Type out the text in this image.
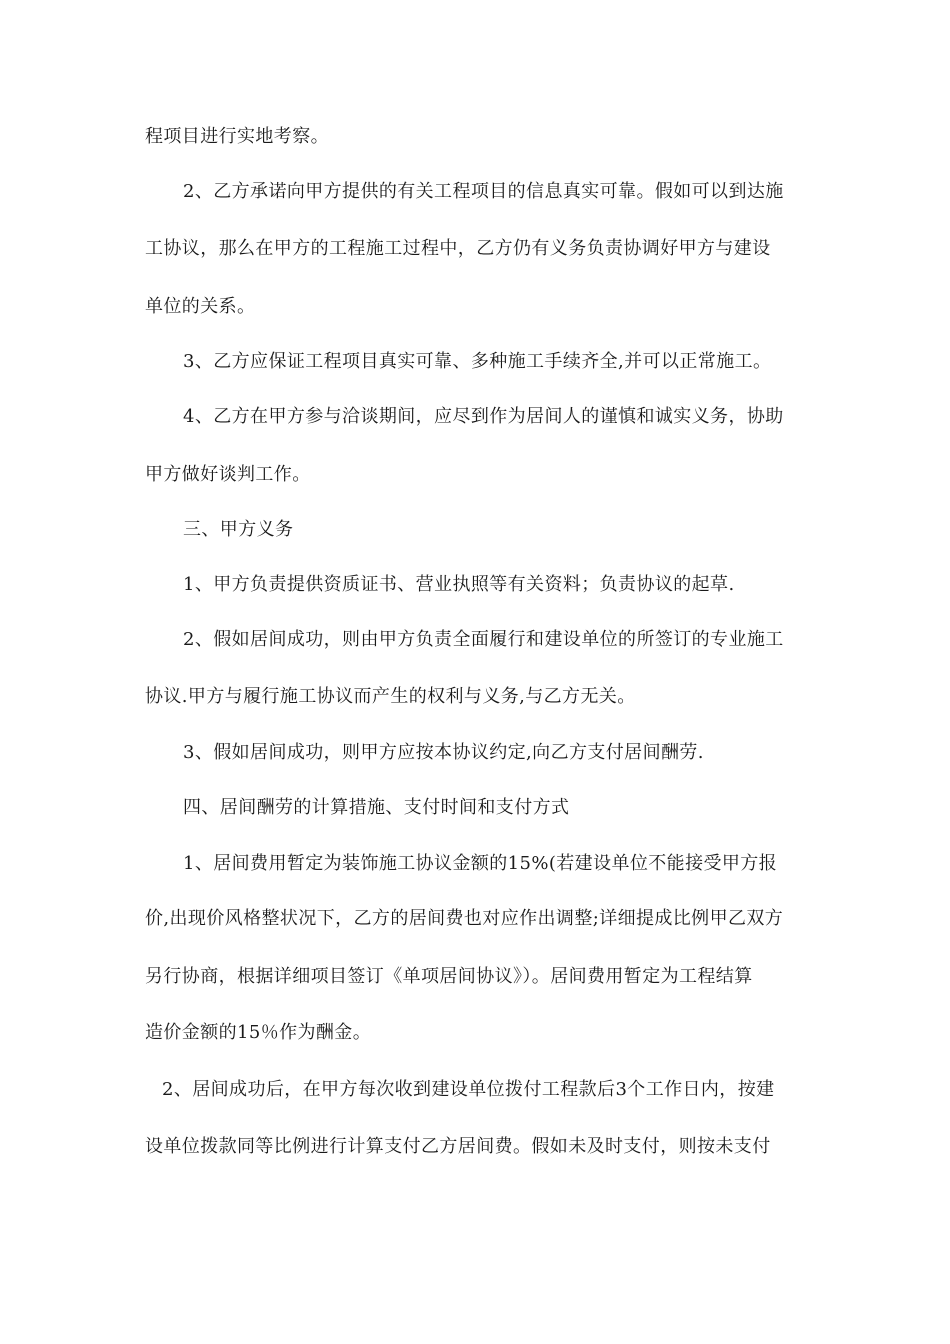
程项目进行实地考察。
2、乙方承诺向甲方提供的有关工程项目的信息真实可靠。假如可以到达施
工协议，那么在甲方的工程施工过程中，乙方仍有义务负责协调好甲方与建设
单位的关系。
3、乙方应保证工程项目真实可靠、多种施工手续齐全,并可以正常施工。
4、乙方在甲方参与洽谈期间，应尽到作为居间人的谨慎和诚实义务，协助
甲方做好谈判工作。
三、甲方义务
1、甲方负责提供资质证书、营业执照等有关资料；负责协议的起草.
2、假如居间成功，则由甲方负责全面履行和建设单位的所签订的专业施工
协议.甲方与履行施工协议而产生的权利与义务,与乙方无关。
3、假如居间成功，则甲方应按本协议约定,向乙方支付居间酬劳.
四、居间酬劳的计算措施、支付时间和支付方式
1、居间费用暂定为装饰施工协议金额的15%(若建设单位不能接受甲方报
价,出现价风格整状况下，乙方的居间费也对应作出调整;详细提成比例甲乙双方
另行协商，根据详细项目签订《单项居间协议》）。居间费用暂定为工程结算
造价金额的15％作为酬金。
2、居间成功后，在甲方每次收到建设单位拨付工程款后3个工作日内，按建
设单位拨款同等比例进行计算支付乙方居间费。假如未及时支付，则按未支付
